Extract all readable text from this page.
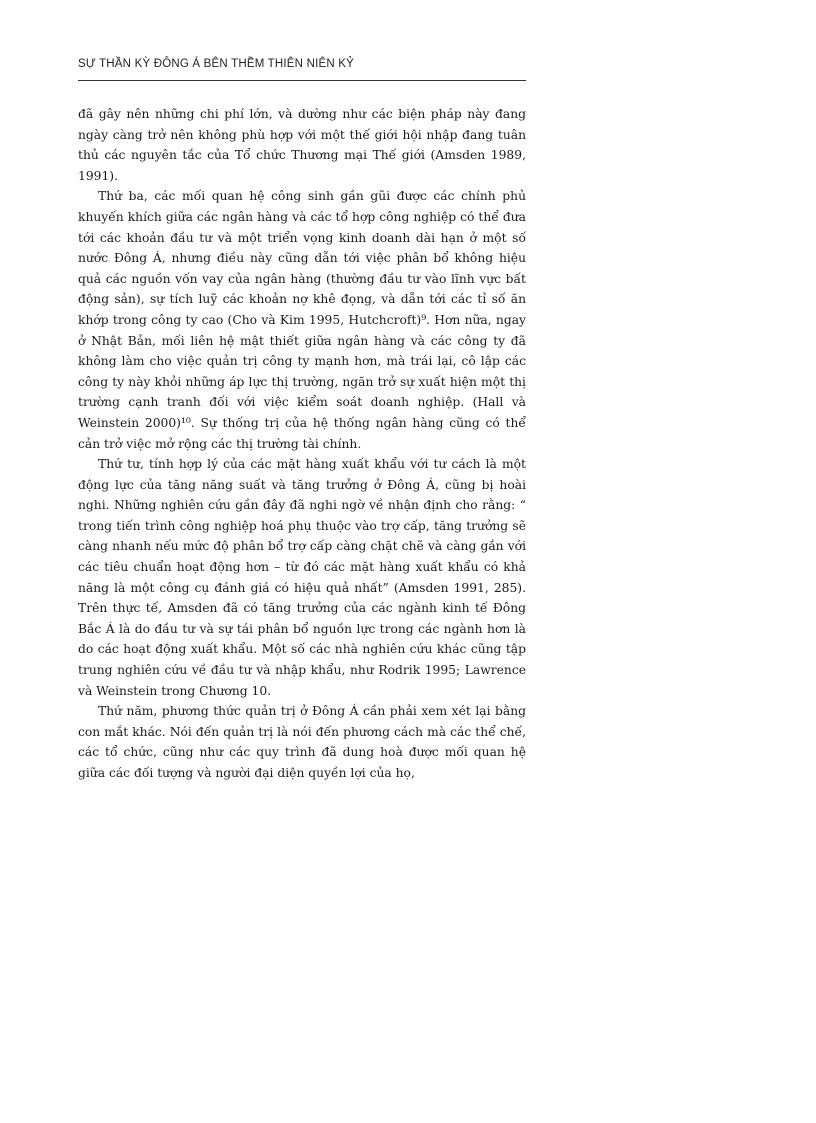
SỰ THẦN KỲ ĐÔNG Á BÊN THỀM THIÊN NIÊN KỶ

đã gây nên những chi phí lớn, và dường như các biện pháp này đang ngày càng trở nên không phù hợp với một thế giới hội nhập đang tuân thủ các nguyên tắc của Tổ chức Thương mại Thế giới (Amsden 1989, 1991).

Thứ ba, các mối quan hệ công sinh gần gũi được các chính phủ khuyến khích giữa các ngân hàng và các tổ hợp công nghiệp có thể đưa tới các khoản đầu tư và một triển vọng kinh doanh dài hạn ở một số nước Đông Á, nhưng điều này cũng dẫn tới việc phân bổ không hiệu quả các nguồn vốn vay của ngân hàng (thường đầu tư vào lĩnh vực bất động sản), sự tích luỹ các khoản nợ khê đọng, và dẫn tới các tỉ số ăn khớp trong công ty cao (Cho và Kim 1995, Hutchcroft)⁹. Hơn nữa, ngay ở Nhật Bản, mối liên hệ mật thiết giữa ngân hàng và các công ty đã không làm cho việc quản trị công ty mạnh hơn, mà trái lại, cô lập các công ty này khỏi những áp lực thị trường, ngăn trở sự xuất hiện một thị trường cạnh tranh đối với việc kiểm soát doanh nghiệp. (Hall và Weinstein 2000)¹⁰. Sự thống trị của hệ thống ngân hàng cũng có thể cản trở việc mở rộng các thị trường tài chính.

Thứ tư, tính hợp lý của các mặt hàng xuất khẩu với tư cách là một động lực của tăng năng suất và tăng trưởng ở Đông Á, cũng bị hoài nghi. Những nghiên cứu gần đây đã nghi ngờ về nhận định cho rằng: “ trong tiến trình công nghiệp hoá phụ thuộc vào trợ cấp, tăng trưởng sẽ càng nhanh nếu mức độ phân bổ trợ cấp càng chặt chẽ và càng gắn với các tiêu chuẩn hoạt động hơn – từ đó các mặt hàng xuất khẩu có khả năng là một công cụ đánh giá có hiệu quả nhất” (Amsden 1991, 285). Trên thực tế, Amsden đã có tăng trưởng của các ngành kinh tế Đông Bắc Á là do đầu tư và sự tái phân bổ nguồn lực trong các ngành hơn là do các hoạt động xuất khẩu. Một số các nhà nghiên cứu khác cũng tập trung nghiên cứu về đầu tư và nhập khẩu, như Rodrik 1995; Lawrence và Weinstein trong Chương 10.

Thứ năm, phương thức quản trị ở Đông Á cần phải xem xét lại bằng con mắt khác. Nói đến quản trị là nói đến phương cách mà các thể chế, các tổ chức, cũng như các quy trình đã dung hoà được mối quan hệ giữa các đối tượng và người đại diện quyền lợi của họ,
